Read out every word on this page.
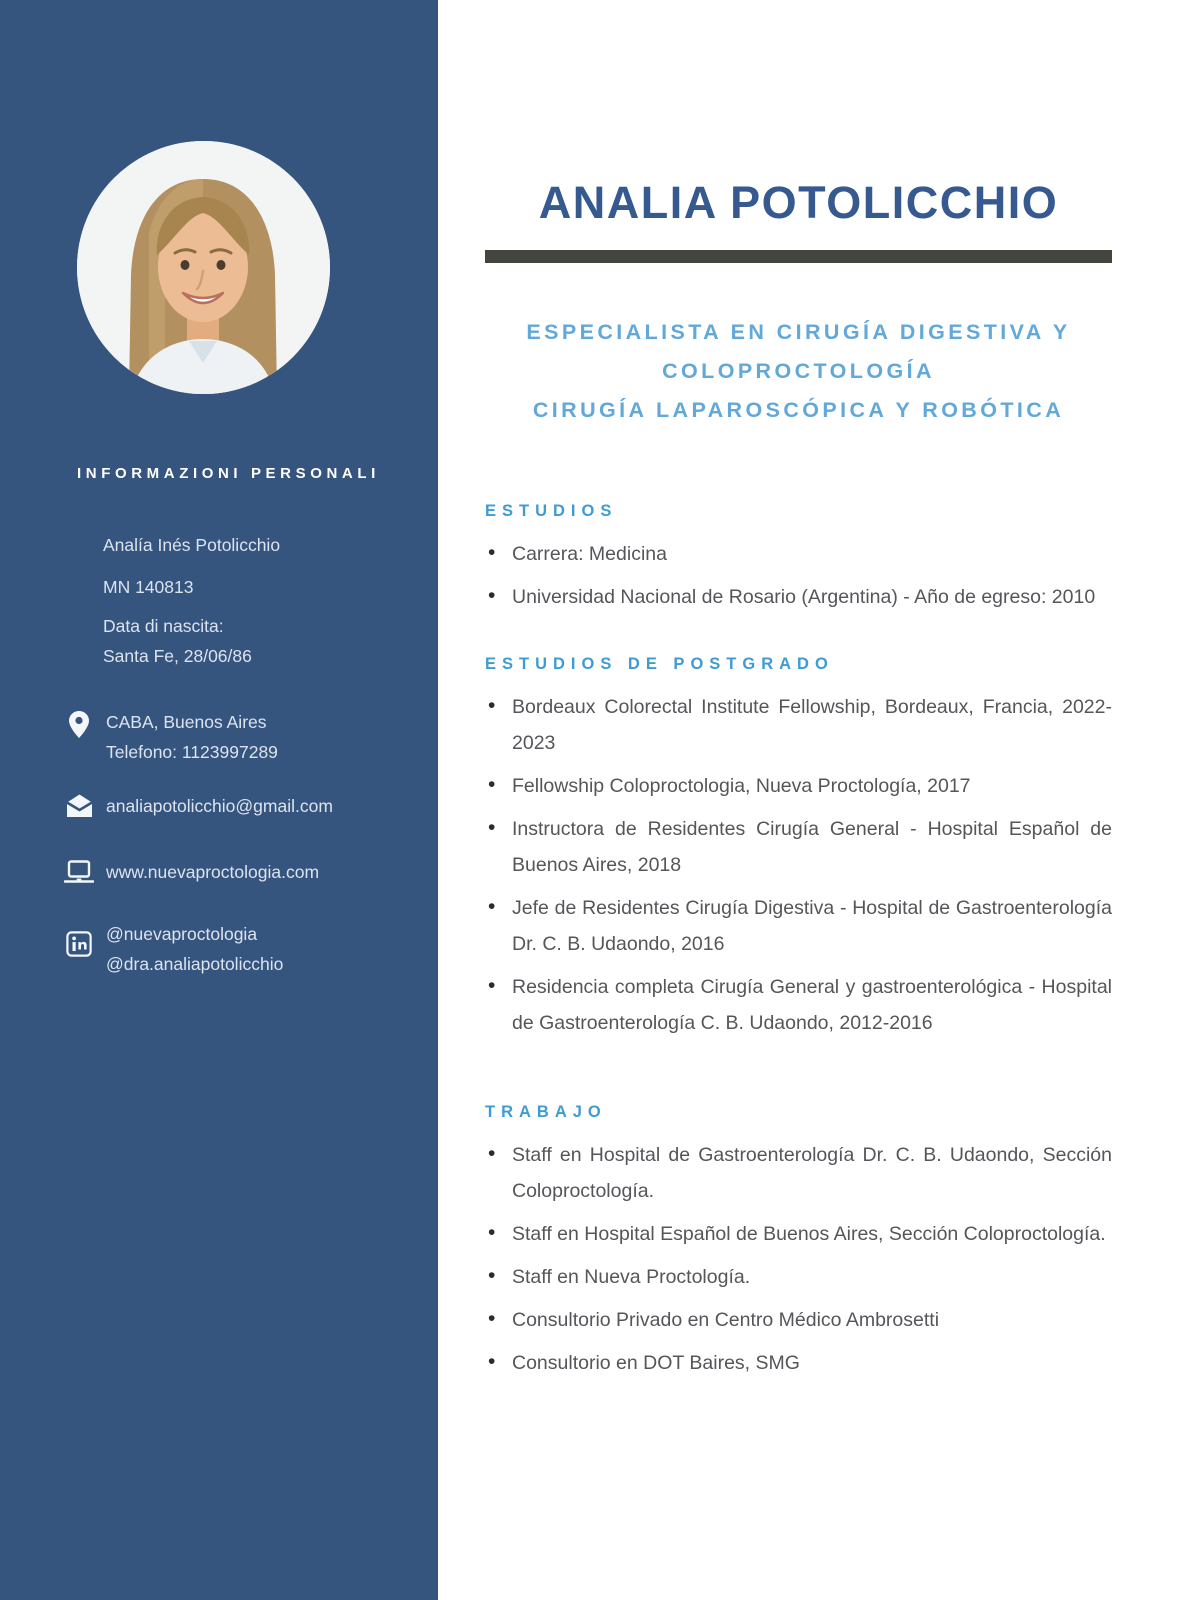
INFORMAZIONI PERSONALI
Analía Inés Potolicchio
MN 140813
Data di nascita:
Santa Fe, 28/06/86
CABA, Buenos Aires
Telefono: 1123997289
analiapotolicchio@gmail.com
www.nuevaproctologia.com
@nuevaproctologia
@dra.analiapotolicchio
ANALIA POTOLICCHIO
ESPECIALISTA EN CIRUGÍA DIGESTIVA Y
COLOPROCTOLOGÍA
CIRUGÍA LAPAROSCÓPICA Y ROBÓTICA
ESTUDIOS
• Carrera: Medicina
• Universidad Nacional de Rosario (Argentina) - Año de egreso: 2010
ESTUDIOS DE POSTGRADO
• Bordeaux Colorectal Institute Fellowship, Bordeaux, Francia, 2022-2023
• Fellowship Coloproctologia, Nueva Proctología, 2017
• Instructora de Residentes Cirugía General - Hospital Español de Buenos Aires, 2018
• Jefe de Residentes Cirugía Digestiva - Hospital de Gastroenterología Dr. C. B. Udaondo, 2016
• Residencia completa Cirugía General y gastroenterológica - Hospital de Gastroenterología C. B. Udaondo, 2012-2016
TRABAJO
• Staff en Hospital de Gastroenterología Dr. C. B. Udaondo, Sección Coloproctología.
• Staff en Hospital Español de Buenos Aires, Sección Coloproctología.
• Staff en Nueva Proctología.
• Consultorio Privado en Centro Médico Ambrosetti
• Consultorio en DOT Baires, SMG
